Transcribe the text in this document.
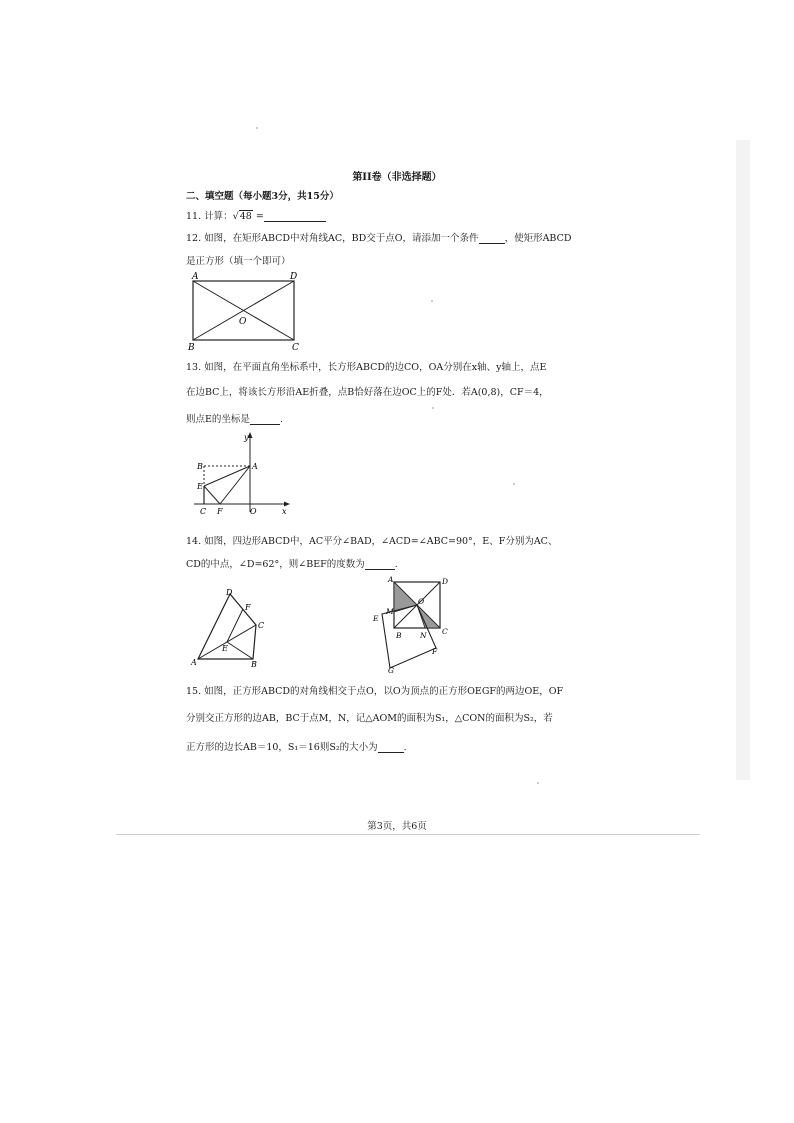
第II卷（非选择题）
二、填空题（每小题3分，共15分）
11. 计算：√48 =
12. 如图，在矩形ABCD中对角线AC，BD交于点O，请添加一个条件	，使矩形ABCD
是正方形（填一个即可）
A	D
B	C
O
13. 如图，在平面直角坐标系中，长方形ABCD的边CO，OA分别在x轴、y轴上，点E
在边BC上，将该长方形沿AE折叠，点B恰好落在边OC上的F处．若A(0,8)，CF＝4，
则点E的坐标是	.
y
x
A
B
E
C F	O
14. 如图，四边形ABCD中，AC平分∠BAD，∠ACD=∠ABC=90°，E、F分别为AC、
CD的中点，∠D=62°，则∠BEF的度数为	.
A	B
C
D
E
F
A	D
M
O
E
B N C
F
G
15. 如图，正方形ABCD的对角线相交于点O，以O为顶点的正方形OEGF的两边OE，OF
分别交正方形的边AB，BC于点M，N，记△AOM的面积为S₁，△CON的面积为S₂，若
正方形的边长AB＝10，S₁＝16则S₂的大小为	.
第3页，共6页
